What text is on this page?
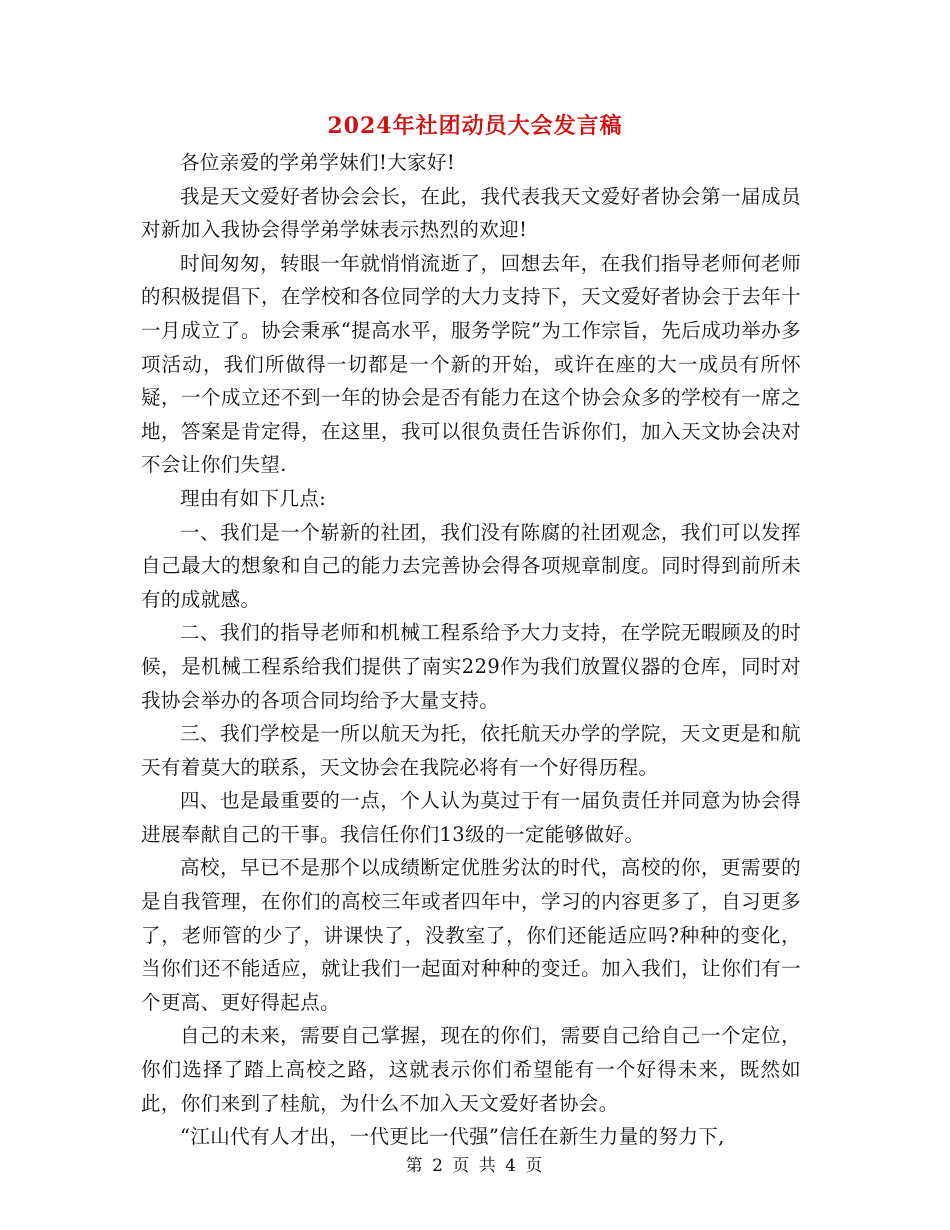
2024年社团动员大会发言稿

各位亲爱的学弟学妹们!大家好!

我是天文爱好者协会会长，在此，我代表我天文爱好者协会第一届成员对新加入我协会得学弟学妹表示热烈的欢迎!

时间匆匆，转眼一年就悄悄流逝了，回想去年，在我们指导老师何老师的积极提倡下，在学校和各位同学的大力支持下，天文爱好者协会于去年十一月成立了。协会秉承“提高水平，服务学院”为工作宗旨，先后成功举办多项活动，我们所做得一切都是一个新的开始，或许在座的大一成员有所怀疑，一个成立还不到一年的协会是否有能力在这个协会众多的学校有一席之地，答案是肯定得，在这里，我可以很负责任告诉你们，加入天文协会决对不会让你们失望.

理由有如下几点:

一、我们是一个崭新的社团，我们没有陈腐的社团观念，我们可以发挥自己最大的想象和自己的能力去完善协会得各项规章制度。同时得到前所未有的成就感。

二、我们的指导老师和机械工程系给予大力支持，在学院无暇顾及的时候，是机械工程系给我们提供了南实229作为我们放置仪器的仓库，同时对我协会举办的各项合同均给予大量支持。

三、我们学校是一所以航天为托，依托航天办学的学院，天文更是和航天有着莫大的联系，天文协会在我院必将有一个好得历程。

四、也是最重要的一点，个人认为莫过于有一届负责任并同意为协会得进展奉献自己的干事。我信任你们13级的一定能够做好。

高校，早已不是那个以成绩断定优胜劣汰的时代，高校的你，更需要的是自我管理，在你们的高校三年或者四年中，学习的内容更多了，自习更多了，老师管的少了，讲课快了，没教室了，你们还能适应吗?种种的变化，当你们还不能适应，就让我们一起面对种种的变迁。加入我们，让你们有一个更高、更好得起点。

自己的未来，需要自己掌握，现在的你们，需要自己给自己一个定位，你们选择了踏上高校之路，这就表示你们希望能有一个好得未来，既然如此，你们来到了桂航，为什么不加入天文爱好者协会。

“江山代有人才出，一代更比一代强”信任在新生力量的努力下,

第 2 页 共 4 页
